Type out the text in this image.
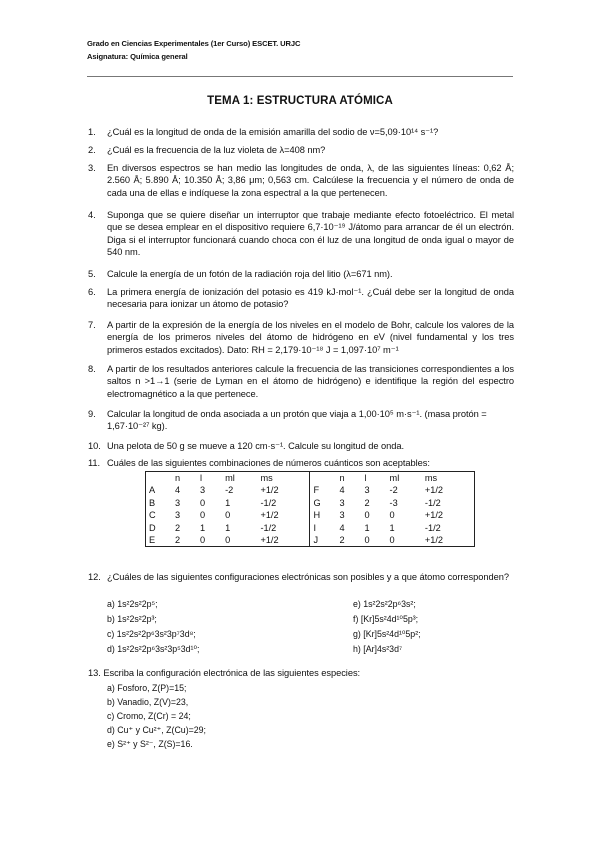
Grado en Ciencias Experimentales (1er Curso) ESCET. URJC
Asignatura: Química general
TEMA 1: ESTRUCTURA ATÓMICA
1. ¿Cuál es la longitud de onda de la emisión amarilla del sodio de ν=5,09·10¹⁴ s⁻¹?
2. ¿Cuál es la frecuencia de la luz violeta de λ=408 nm?
3. En diversos espectros se han medio las longitudes de onda, λ, de las siguientes líneas: 0,62 Å; 2.560 Å; 5.890 Å; 10.350 Å; 3,86 μm; 0,563 cm. Calcúlese la frecuencia y el número de onda de cada una de ellas e indíquese la zona espectral a la que pertenecen.
4. Suponga que se quiere diseñar un interruptor que trabaje mediante efecto fotoeléctrico. El metal que se desea emplear en el dispositivo requiere 6,7·10⁻¹⁹ J/átomo para arrancar de él un electrón. Diga si el interruptor funcionará cuando choca con él luz de una longitud de onda igual o mayor de 540 nm.
5. Calcule la energía de un fotón de la radiación roja del litio (λ=671 nm).
6. La primera energía de ionización del potasio es 419 kJ·mol⁻¹. ¿Cuál debe ser la longitud de onda necesaria para ionizar un átomo de potasio?
7. A partir de la expresión de la energía de los niveles en el modelo de Bohr, calcule los valores de la energía de los primeros niveles del átomo de hidrógeno en eV (nivel fundamental y los tres primeros estados excitados). Dato: RH = 2,179·10⁻¹⁸ J = 1,097·10⁷ m⁻¹
8. A partir de los resultados anteriores calcule la frecuencia de las transiciones correspondientes a los saltos n >1→1 (serie de Lyman en el átomo de hidrógeno) e identifique la región del espectro electromagnético a la que pertenece.
9. Calcular la longitud de onda asociada a un protón que viaja a 1,00·10⁵ m·s⁻¹. (masa protón = 1,67·10⁻²⁷ kg).
10. Una pelota de 50 g se mueve a 120 cm·s⁻¹. Calcule su longitud de onda.
11. Cuáles de las siguientes combinaciones de números cuánticos son aceptables:
	n	l	ml	ms		n	l	ml	ms
A	4	3	-2	+1/2	F	4	3	-2	+1/2
B	3	0	1	-1/2	G	3	2	-3	-1/2
C	3	0	0	+1/2	H	3	0	0	+1/2
D	2	1	1	-1/2	I	4	1	1	-1/2
E	2	0	0	+1/2	J	2	0	0	+1/2
12. ¿Cuáles de las siguientes configuraciones electrónicas son posibles y a que átomo corresponden?
a) 1s²2s²2p⁵;
b) 1s²2s²2p³;
c) 1s²2s²2p⁶3s²3p⁷3d⁸;
d) 1s²2s²2p⁶3s²3p⁵3d¹⁰;
e) 1s²2s²2p⁶3s²;
f) [Kr]5s²4d¹⁰5p³;
g) [Kr]5s²4d¹⁰5p²;
h) [Ar]4s²3d⁷
13. Escriba la configuración electrónica de las siguientes especies:
a) Fosforo, Z(P)=15;
b) Vanadio, Z(V)=23,
c) Cromo, Z(Cr) = 24;
d) Cu⁺ y Cu²⁺, Z(Cu)=29;
e) S²⁺ y S²⁻, Z(S)=16.
